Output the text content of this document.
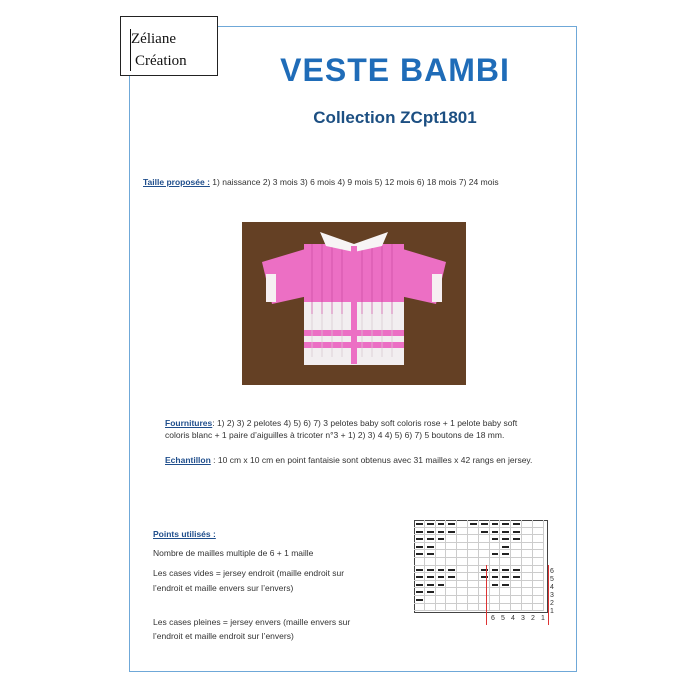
Zéliane
Création	VESTE BAMBI
Collection ZCpt1801
Taille proposée : 1) naissance 2) 3 mois 3) 6 mois 4) 9 mois 5) 12 mois 6) 18 mois 7) 24 mois
Fournitures: 1) 2) 3) 2 pelotes 4) 5) 6) 7) 3 pelotes baby soft coloris rose + 1 pelote baby soft
coloris blanc + 1 paire d’aiguilles à tricoter n°3 + 1) 2) 3) 4 4) 5) 6) 7) 5 boutons de 18 mm.
Echantillon : 10 cm x 10 cm en point fantaisie sont obtenus avec 31 mailles x 42 rangs en jersey.
Points utilisés :
Nombre de mailles multiple de 6 + 1 maille
Les cases vides = jersey endroit (maille endroit sur
l’endroit et maille envers sur l’envers)
Les cases pleines = jersey envers (maille envers sur
l’endroit et maille endroit sur l’envers)
6
5
4
3
2
1
6 5 4 3 2 1
